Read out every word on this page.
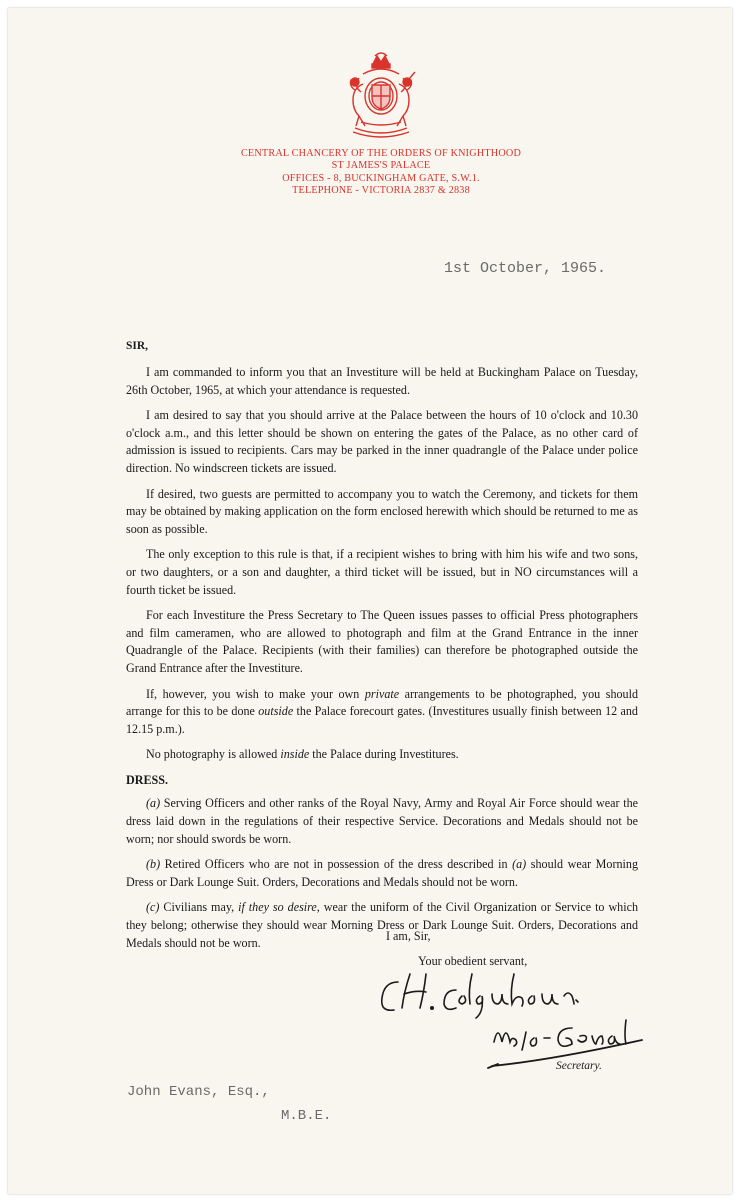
CENTRAL CHANCERY OF THE ORDERS OF KNIGHTHOOD
ST JAMES'S PALACE
OFFICES - 8, BUCKINGHAM GATE, S.W.1.
TELEPHONE - VICTORIA 2837 & 2838
1st October, 1965.
SIR,

I am commanded to inform you that an Investiture will be held at Buckingham Palace on Tuesday, 26th October, 1965, at which your attendance is requested.

I am desired to say that you should arrive at the Palace between the hours of 10 o'clock and 10.30 o'clock a.m., and this letter should be shown on entering the gates of the Palace, as no other card of admission is issued to recipients. Cars may be parked in the inner quadrangle of the Palace under police direction. No windscreen tickets are issued.

If desired, two guests are permitted to accompany you to watch the Ceremony, and tickets for them may be obtained by making application on the form enclosed herewith which should be returned to me as soon as possible.

The only exception to this rule is that, if a recipient wishes to bring with him his wife and two sons, or two daughters, or a son and daughter, a third ticket will be issued, but in NO circumstances will a fourth ticket be issued.

For each Investiture the Press Secretary to The Queen issues passes to official Press photographers and film cameramen, who are allowed to photograph and film at the Grand Entrance in the inner Quadrangle of the Palace. Recipients (with their families) can therefore be photographed outside the Grand Entrance after the Investiture.

If, however, you wish to make your own private arrangements to be photographed, you should arrange for this to be done outside the Palace forecourt gates. (Investitures usually finish between 12 and 12.15 p.m.).

No photography is allowed inside the Palace during Investitures.

DRESS.

(a) Serving Officers and other ranks of the Royal Navy, Army and Royal Air Force should wear the dress laid down in the regulations of their respective Service. Decorations and Medals should not be worn; nor should swords be worn.

(b) Retired Officers who are not in possession of the dress described in (a) should wear Morning Dress or Dark Lounge Suit. Orders, Decorations and Medals should not be worn.

(c) Civilians may, if they so desire, wear the uniform of the Civil Organization or Service to which they belong; otherwise they should wear Morning Dress or Dark Lounge Suit. Orders, Decorations and Medals should not be worn.	I am, Sir,
Your obedient servant,
Secretary.
John Evans, Esq.,
M.B.E.
